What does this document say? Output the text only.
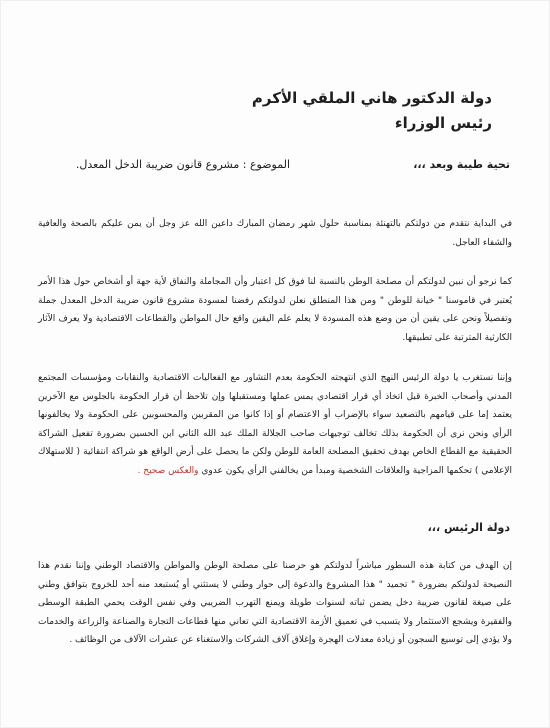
دولة الدكتور هاني الملقي الأكرم
رئيس الوزراء
تحية طيبة وبعد ،،،
الموضوع : مشروع قانون ضريبة الدخل المعدل.

في البداية نتقدم من دولتكم بالتهنئة بمناسبة حلول شهر رمضان المبارك داعين الله عز وجل أن يمن عليكم بالصحة والعافية والشفاء العاجل.

كما نرجو أن نبين لدولتكم أن مصلحة الوطن بالنسبة لنا فوق كل اعتبار وأن المجاملة والنفاق لأية جهة أو أشخاص حول هذا الأمر يُعتبر في قاموسنا " خيانة للوطن " ومن هذا المنطلق نعلن لدولتكم رفضنا لمسودة مشروع قانون ضريبة الدخل المعدل جملة وتفصيلاً ونحن على يقين أن من وضع هذه المسودة لا يعلم علم اليقين واقع حال المواطن والقطاعات الاقتصادية ولا يعرف الآثار الكارثية المترتبة على تطبيقها.

وإننا نستغرب يا دولة الرئيس النهج الذي انتهجته الحكومة بعدم التشاور مع الفعاليات الاقتصادية والنقابات ومؤسسات المجتمع المدني وأصحاب الخبرة قبل اتخاذ أي قرار اقتصادي يمس عملها ومستقبلها وإن تلاحظ أن قرار الحكومة بالجلوس مع الآخرين يعتمد إما على قيامهم بالتصعيد سواء بالإضراب أو الاعتصام أو إذا كانوا من المقربين والمحسوبين على الحكومة ولا يخالفونها الرأي ونحن نرى أن الحكومة بذلك تخالف توجيهات صاحب الجلالة الملك عبد الله الثاني ابن الحسين بضرورة تفعيل الشراكة الحقيقية مع القطاع الخاص بهدف تحقيق المصلحة العامة للوطن ولكن ما يحصل على أرض الواقع هو شراكة انتقائية ( للاستهلاك الإعلامي ) تحكمها المزاجية والعلاقات الشخصية ومبدأ من يخالفني الرأي يكون عدوي والعكس صحيح .

دولة الرئيس ،،،

إن الهدف من كتابة هذه السطور مباشراً لدولتكم هو حرصنا على مصلحة الوطن والمواطن والاقتصاد الوطني وإننا نقدم هذا النصيحة لدولتكم بضرورة " تجميد " هذا المشروع والدعوة إلى حوار وطني لا يستثني أو يُستبعد منه أحد للخروج بتوافق وطني على صيغة لقانون ضريبة دخل يضمن ثباته لسنوات طويلة ويمنع التهرب الضريبي وفي نفس الوقت يحمي الطبقة الوسطى والفقيرة ويشجع الاستثمار ولا يتسبب في تعميق الأزمة الاقتصادية التي تعاني منها قطاعات التجارة والصناعة والزراعة والخدمات ولا يؤدي إلى توسيع السجون أو زيادة معدلات الهجرة وإغلاق آلاف الشركات والاستغناء عن عشرات الآلاف من الوظائف .
